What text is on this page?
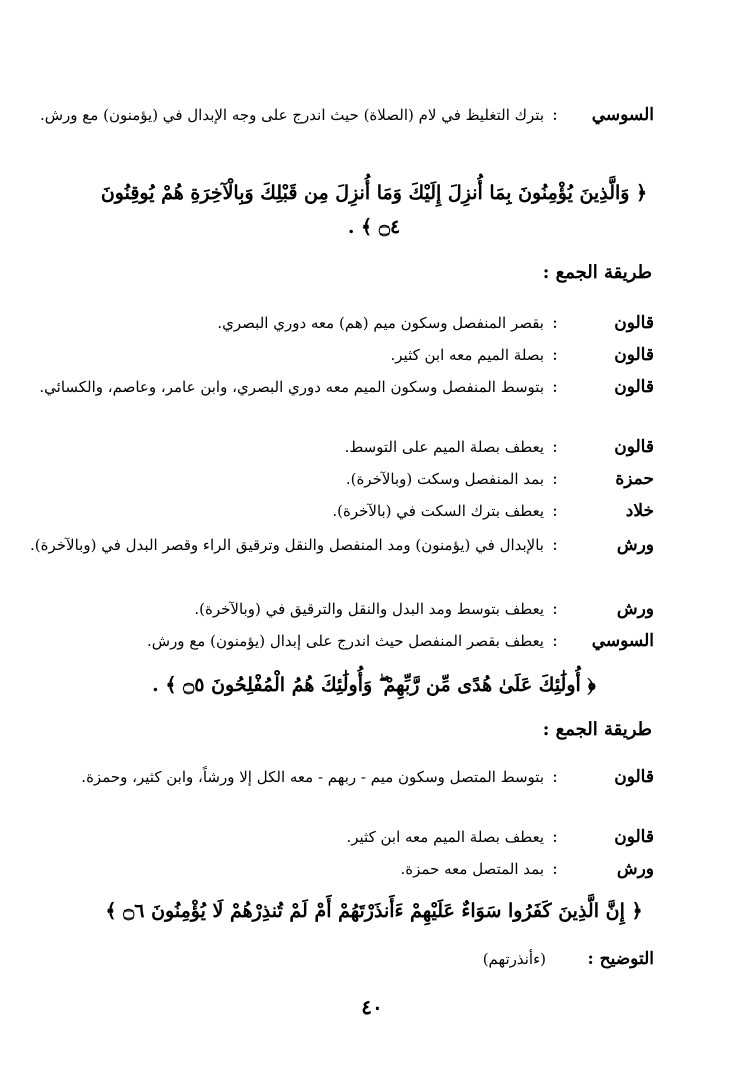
السوسي
:
بترك التغليظ في لام (الصلاة) حيث اندرج على وجه الإبدال في (يؤمنون) مع ورش.
﴿ وَالَّذِينَ يُؤْمِنُونَ بِمَا أُنزِلَ إِلَيْكَ وَمَا أُنزِلَ مِن قَبْلِكَ وَبِالْآخِرَةِ هُمْ يُوقِنُونَ ۝٤ ﴾ .
طريقة الجمع :
قالون
:
بقصر المنفصل وسكون ميم (هم) معه دوري البصري.
قالون
:
بصلة الميم معه ابن كثير.
قالون
:
بتوسط المنفصل وسكون الميم معه دوري البصري، وابن عامر، وعاصم، والكسائي.
قالون
:
يعطف بصلة الميم على التوسط.
حمزة
:
بمد المنفصل وسكت (وبالآخرة).
خلاد
:
يعطف بترك السكت في (بالآخرة).
ورش
:
بالإبدال في (يؤمنون) ومد المنفصل والنقل وترقيق الراء وقصر البدل في (وبالآخرة).
ورش
:
يعطف بتوسط ومد البدل والنقل والترقيق في (وبالآخرة).
السوسي
:
يعطف بقصر المنفصل حيث اندرج على إبدال (يؤمنون) مع ورش.
﴿ أُولَٰئِكَ عَلَىٰ هُدًى مِّن رَّبِّهِمْ ۖ وَأُولَٰئِكَ هُمُ الْمُفْلِحُونَ ۝٥ ﴾ .
طريقة الجمع :
قالون
:
بتوسط المتصل وسكون ميم - ربهم - معه الكل إلا ورشاً، وابن كثير، وحمزة.
قالون
:
يعطف بصلة الميم معه ابن كثير.
ورش
:
بمد المتصل معه حمزة.
﴿ إِنَّ الَّذِينَ كَفَرُوا سَوَاءٌ عَلَيْهِمْ ءَأَنذَرْتَهُمْ أَمْ لَمْ تُنذِرْهُمْ لَا يُؤْمِنُونَ ۝٦ ﴾
التوضيح :
(ءأنذرتهم)
٤٠
